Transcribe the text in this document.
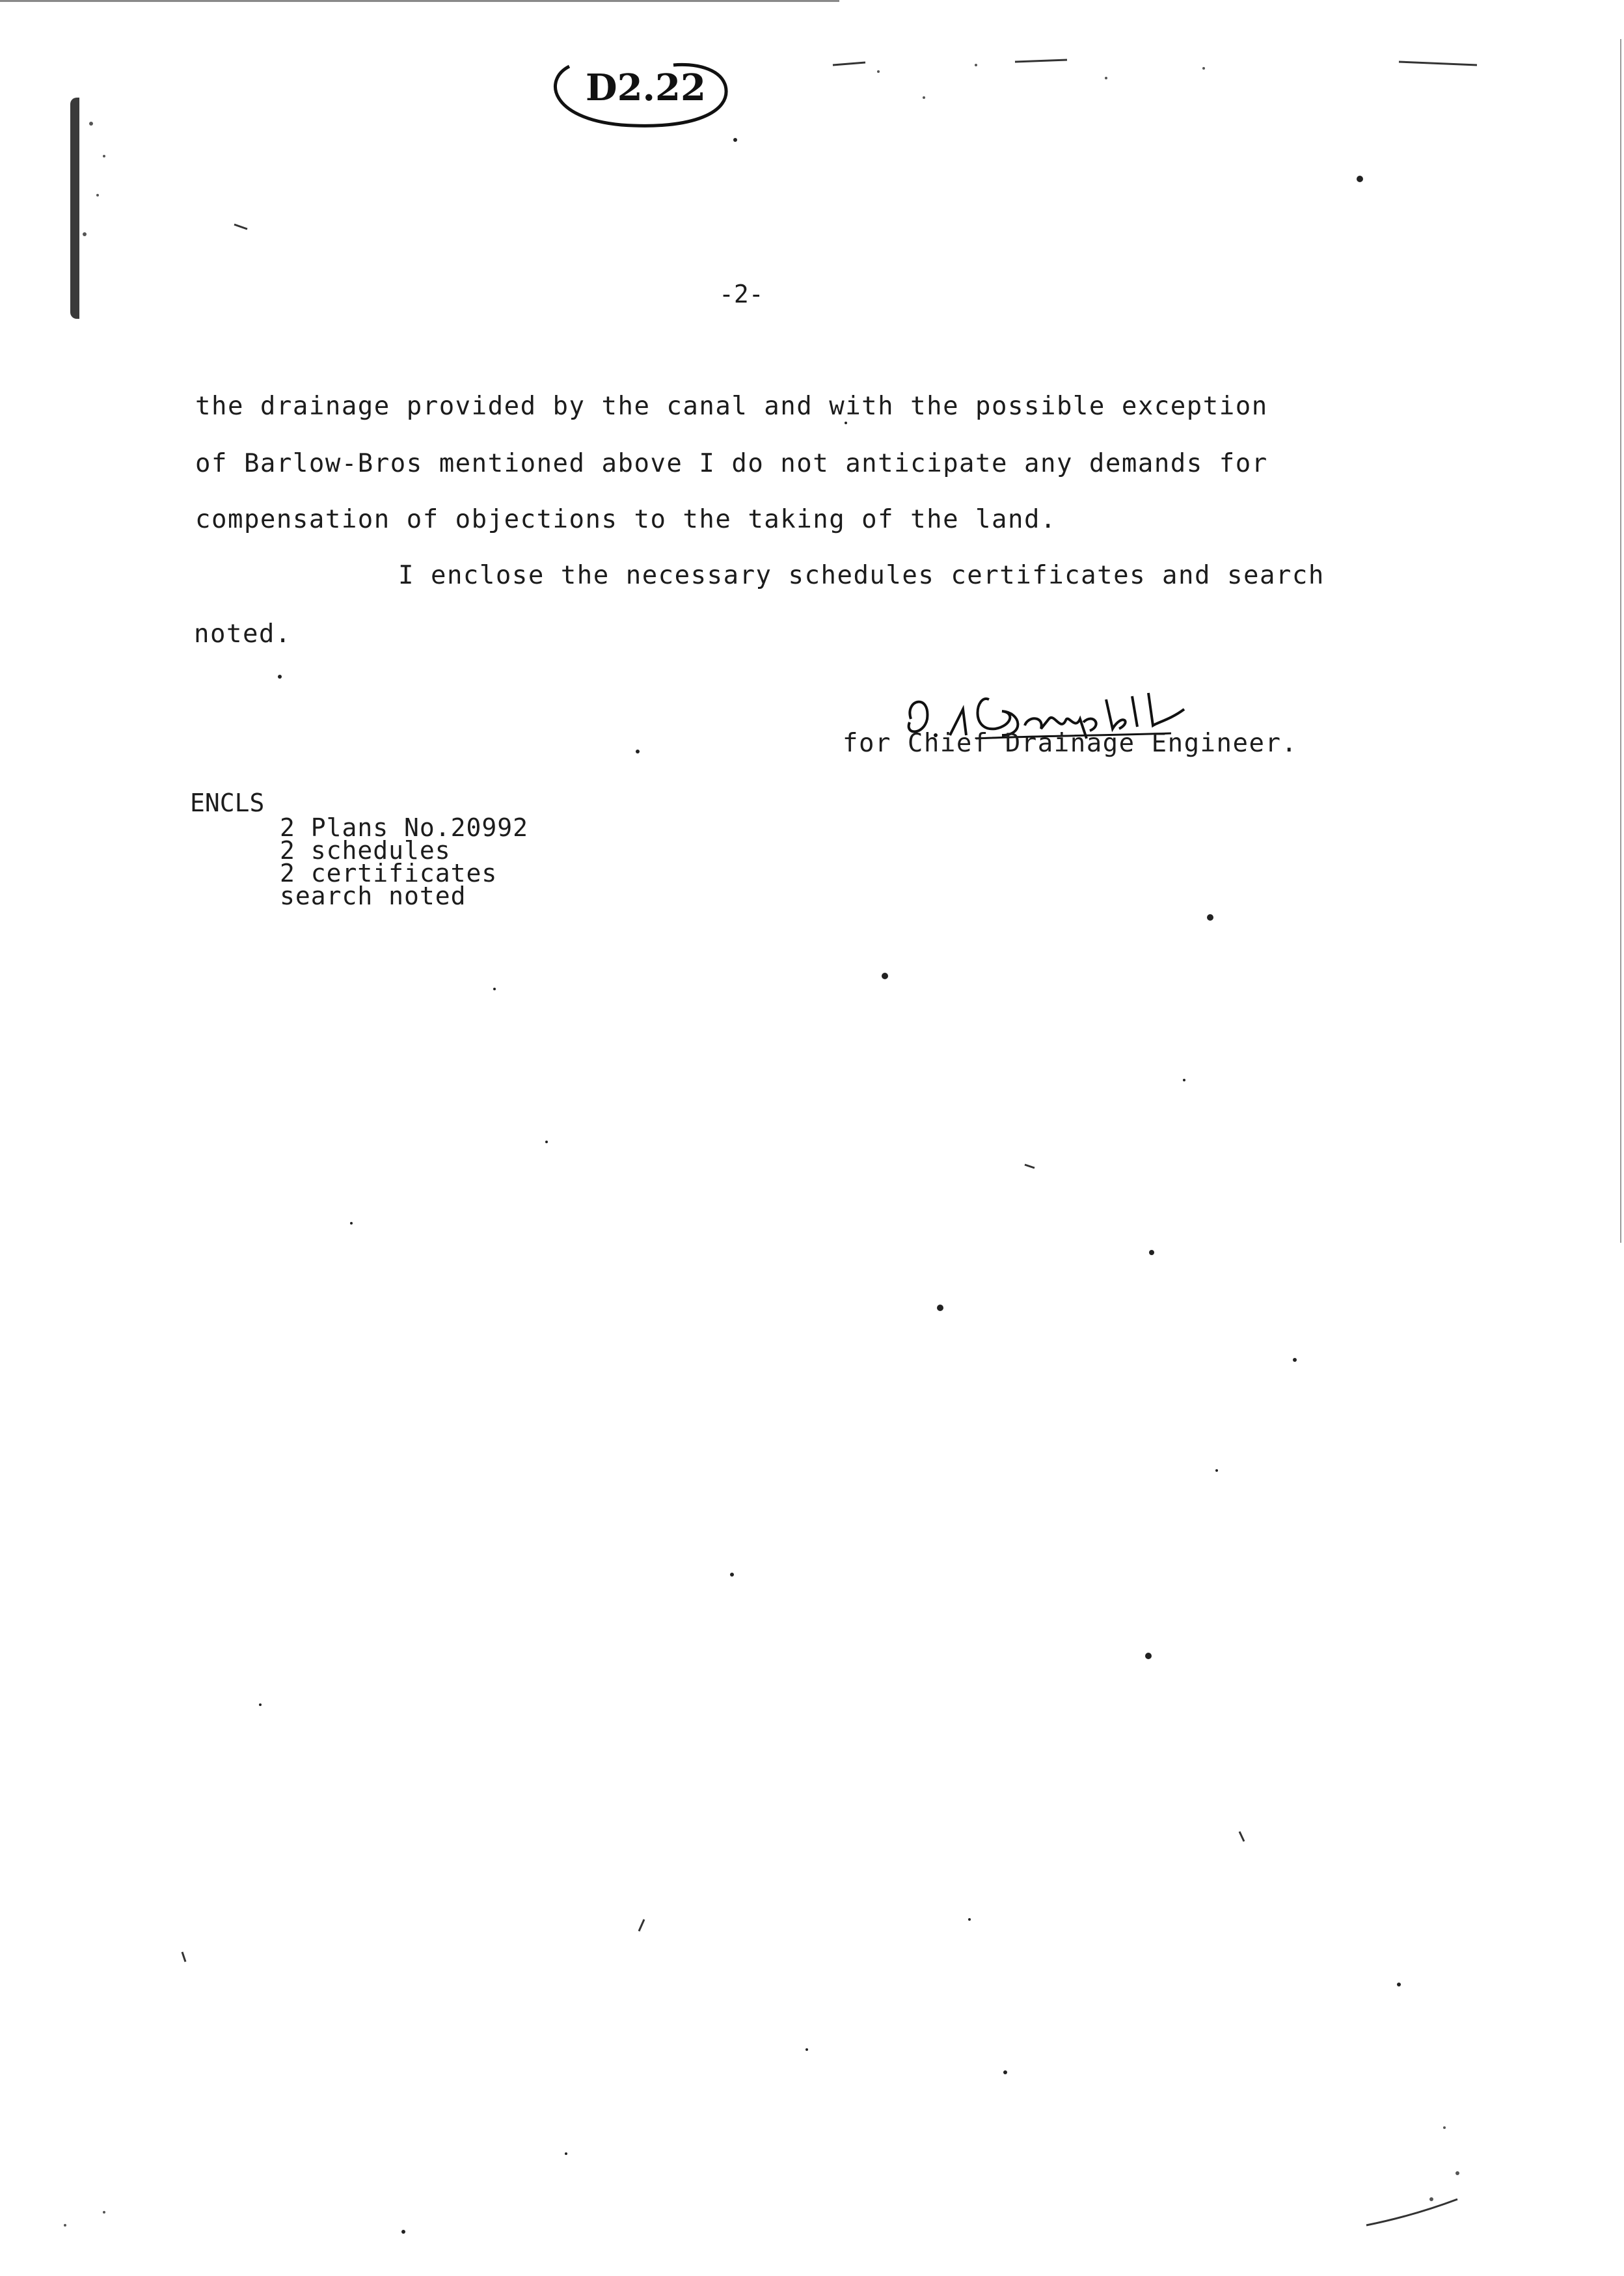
D2.22
-2-
the drainage provided by the canal and with the possible exception
of Barlow-Bros mentioned above I do not anticipate any demands for
compensation of objections to the taking of the land.
I enclose the necessary schedules certificates and search
noted.
for Chief Drainage Engineer.
ENCLS
2 Plans No.20992
2 schedules
2 certificates
search noted
